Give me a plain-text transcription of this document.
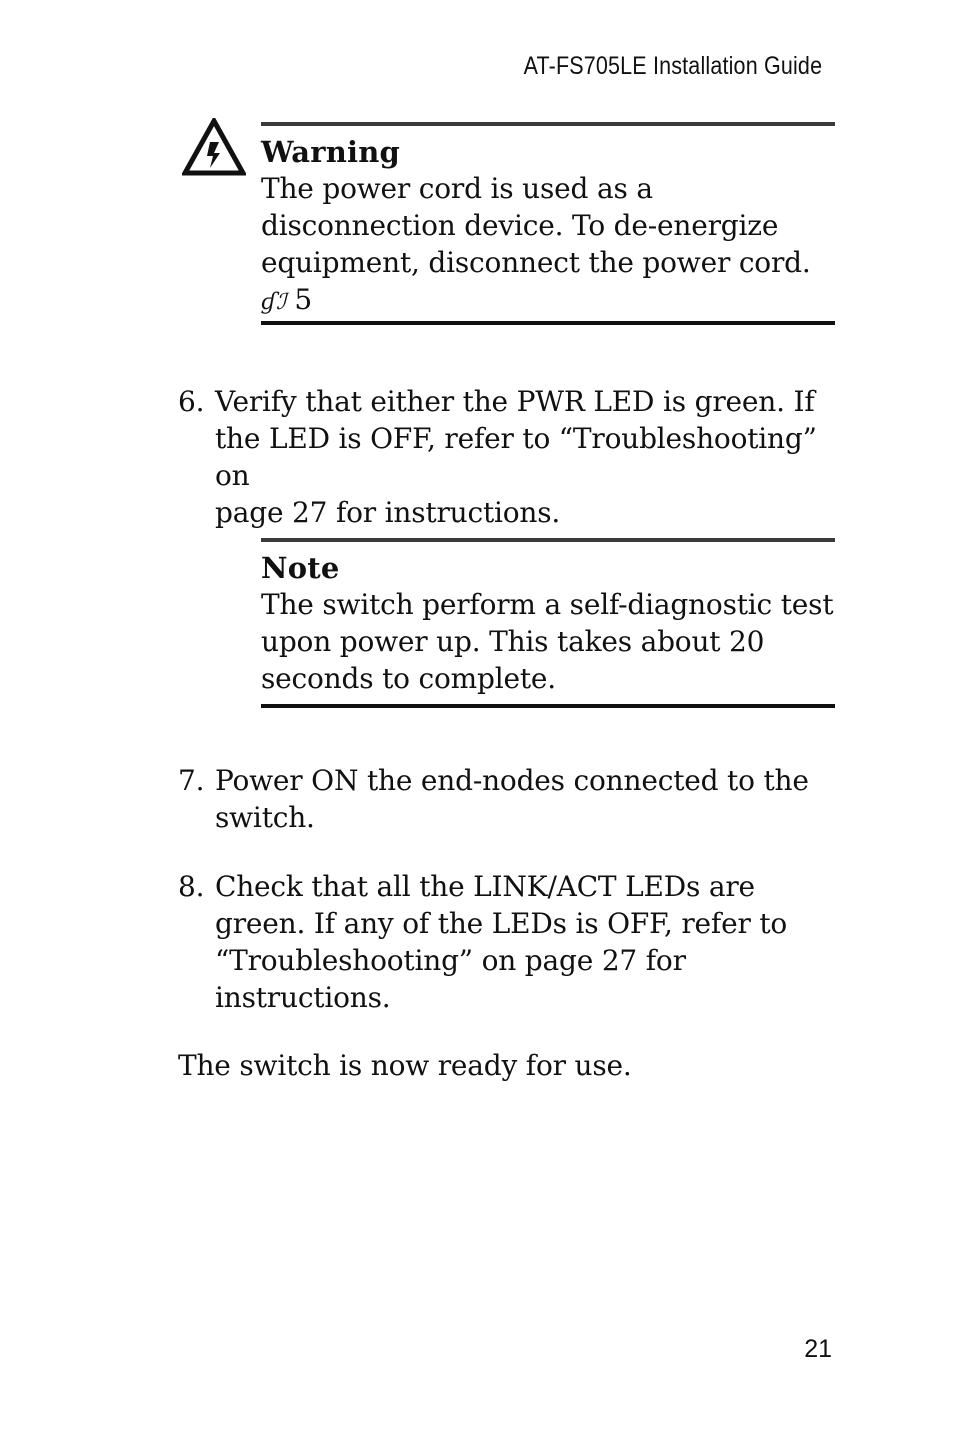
AT-FS705LE Installation Guide
Warning
The power cord is used as a
disconnection device. To de-energize
equipment, disconnect the power cord.
ɠℐ 5
6. Verify that either the PWR LED is green. If
the LED is OFF, refer to “Troubleshooting” on
page 27 for instructions.
Note
The switch perform a self-diagnostic test
upon power up. This takes about 20
seconds to complete.
7. Power ON the end-nodes connected to the
switch.
8. Check that all the LINK/ACT LEDs are
green. If any of the LEDs is OFF, refer to
“Troubleshooting” on page 27 for
instructions.
The switch is now ready for use.
21
